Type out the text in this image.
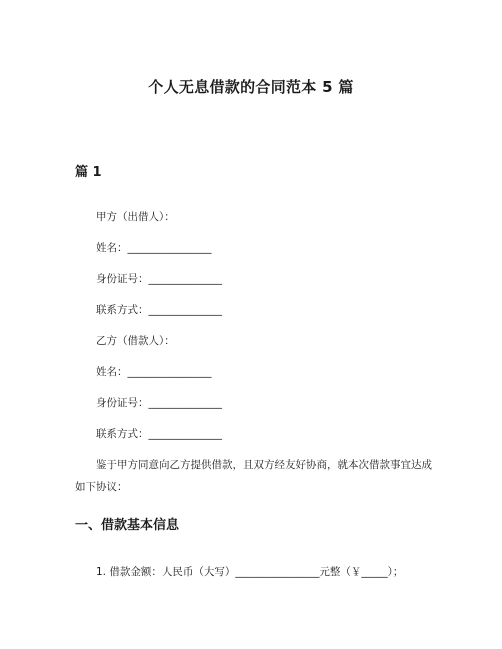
个人无息借款的合同范本 5 篇
篇 1
甲方（出借人）：
姓名：________________
身份证号：______________
联系方式：______________
乙方（借款人）：
姓名：________________
身份证号：______________
联系方式：______________
鉴于甲方同意向乙方提供借款，且双方经友好协商，就本次借款事宜达成如下协议：
一、借款基本信息
1. 借款金额：人民币（大写）________________元整（￥_____）；
